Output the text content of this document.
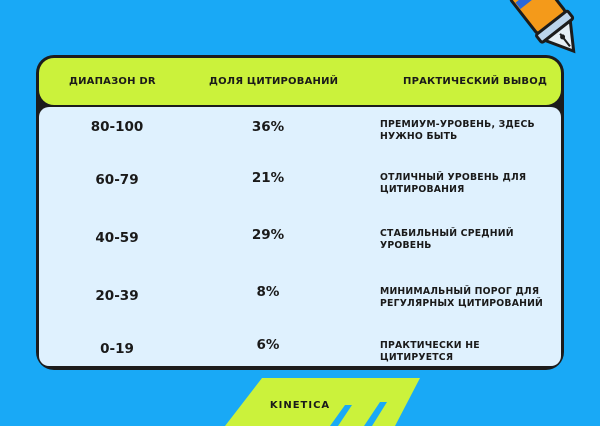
ДИАПАЗОН DR	ДОЛЯ ЦИТИРОВАНИЙ	ПРАКТИЧЕСКИЙ ВЫВОД
80-100	36%	ПРЕМИУМ-УРОВЕНЬ, ЗДЕСЬ НУЖНО БЫТЬ
60-79	21%	ОТЛИЧНЫЙ УРОВЕНЬ ДЛЯ ЦИТИРОВАНИЯ
40-59	29%	СТАБИЛЬНЫЙ СРЕДНИЙ УРОВЕНЬ
20-39	8%	МИНИМАЛЬНЫЙ ПОРОГ ДЛЯ РЕГУЛЯРНЫХ ЦИТИРОВАНИЙ
0-19	6%	ПРАКТИЧЕСКИ НЕ ЦИТИРУЕТСЯ
KINETICA
